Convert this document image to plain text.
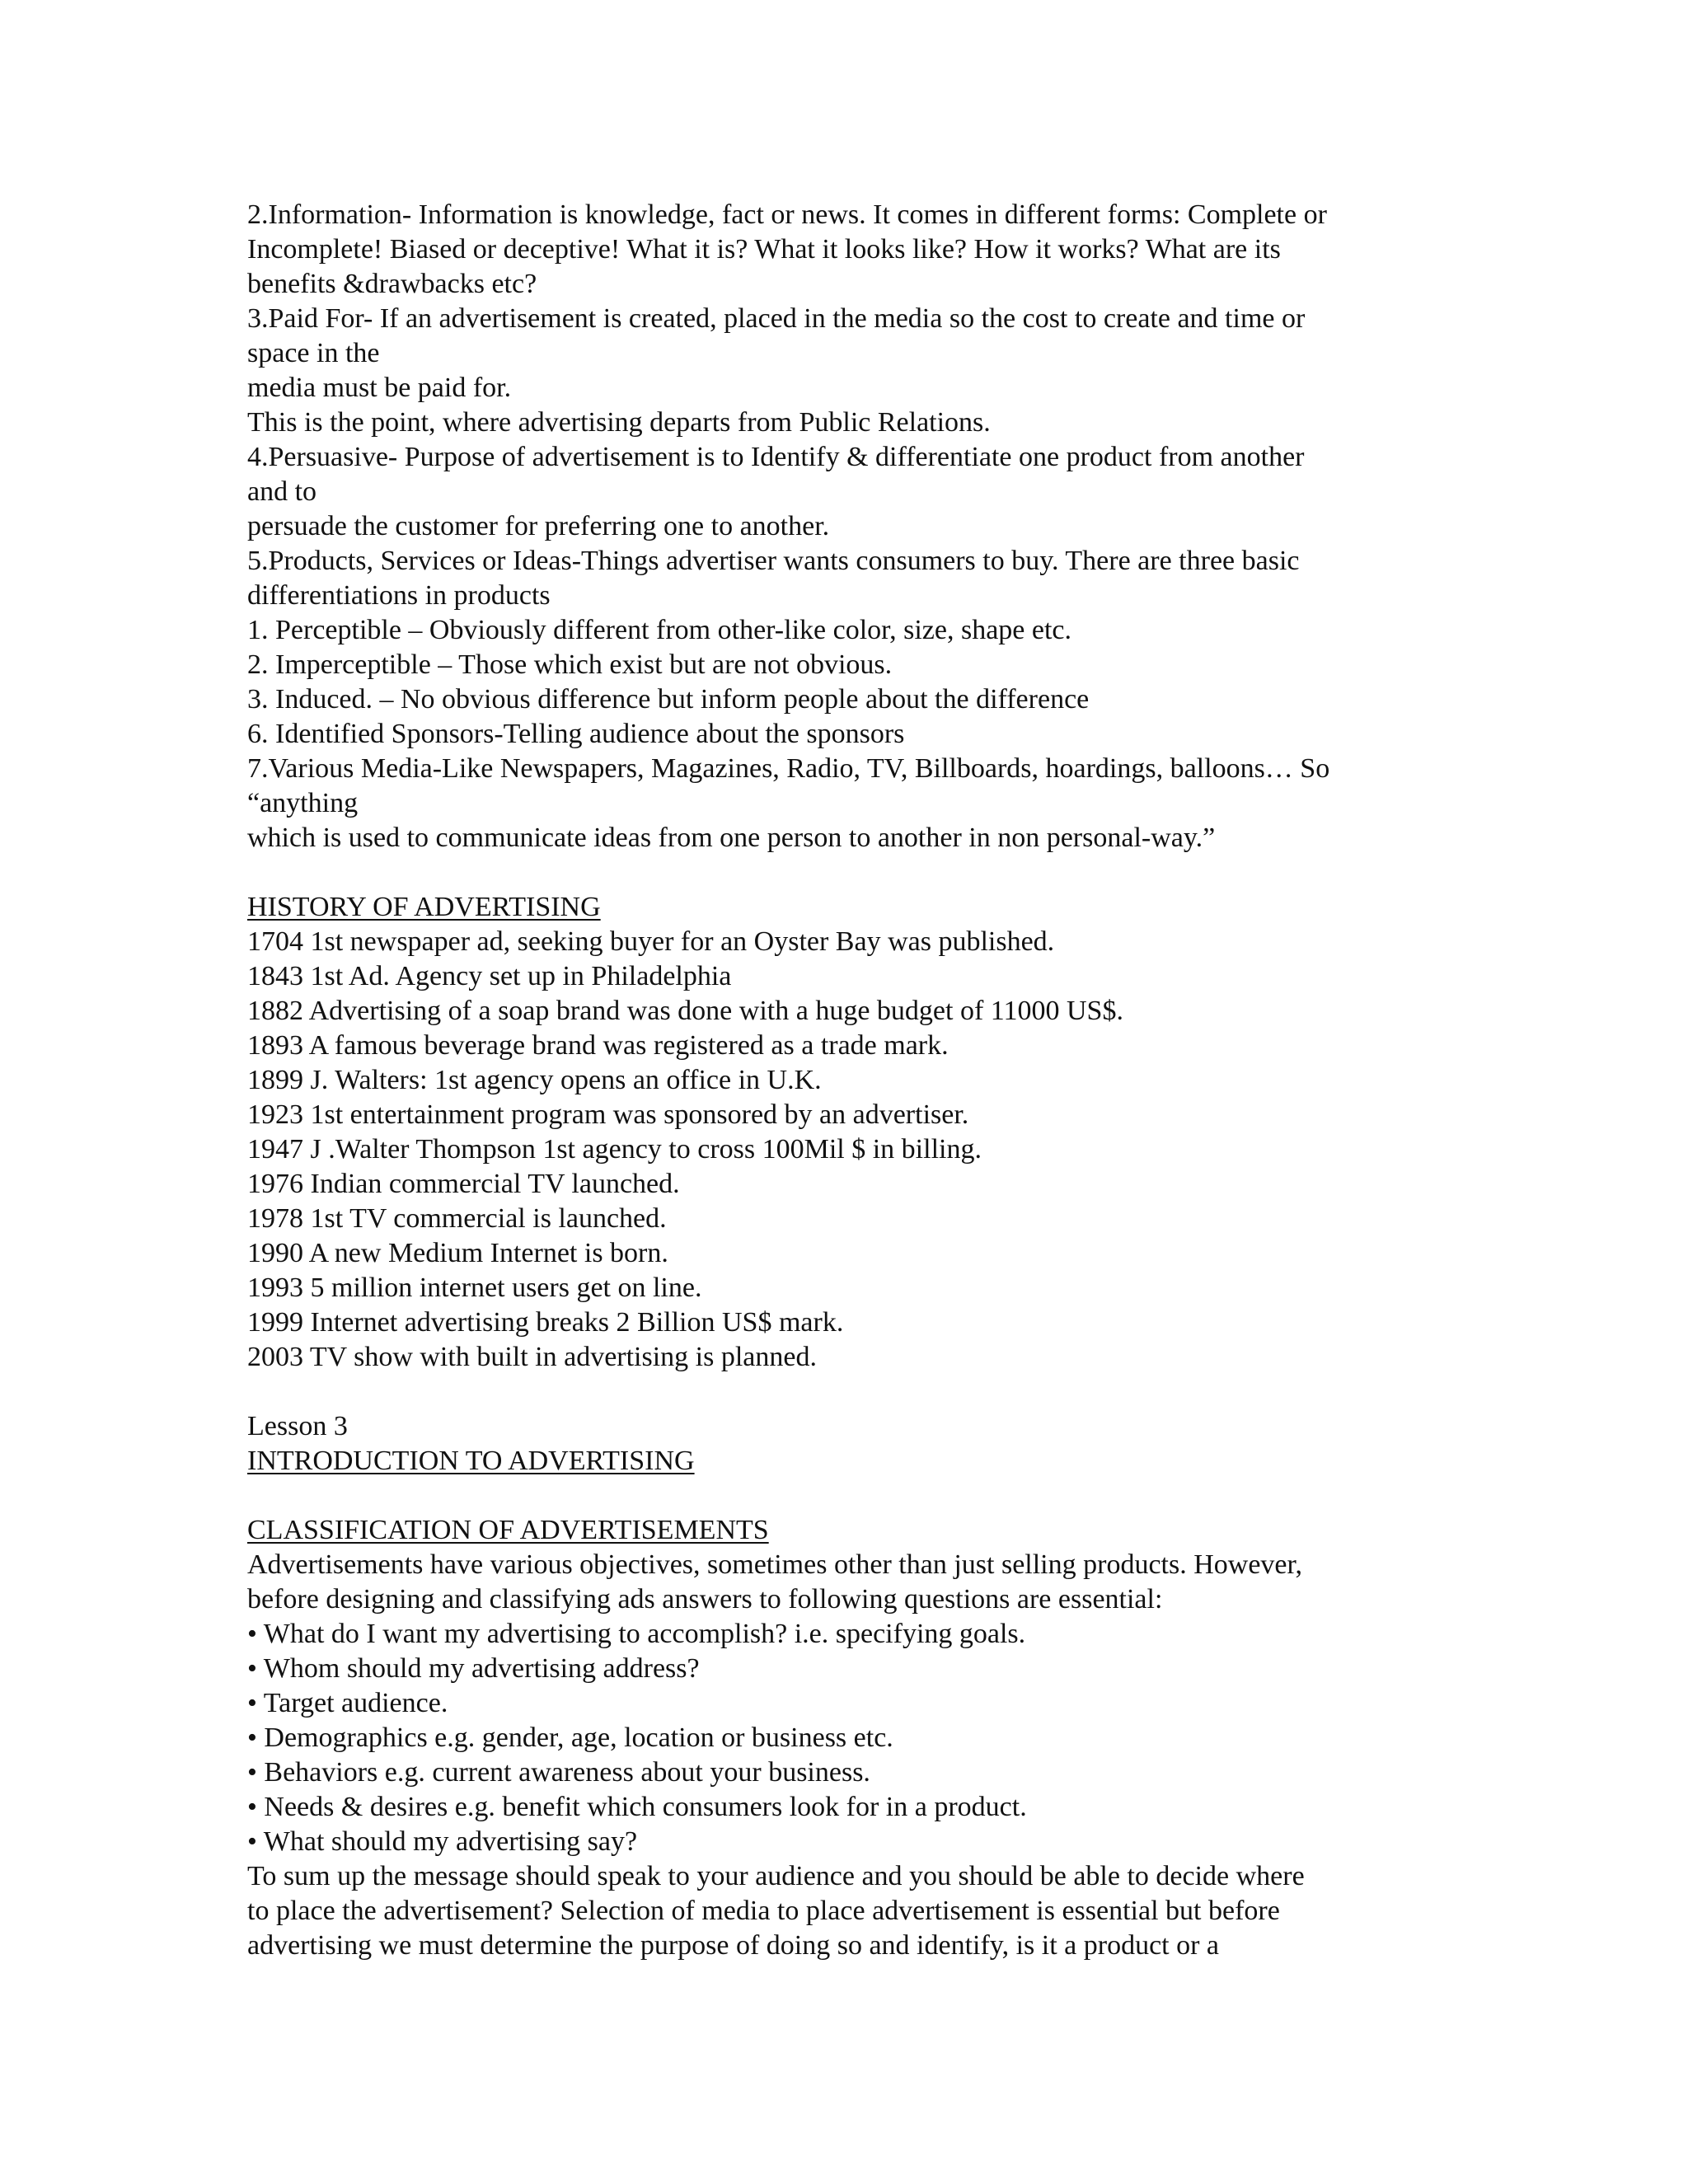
2.Information- Information is knowledge, fact or news. It comes in different forms: Complete or
Incomplete! Biased or deceptive! What it is? What it looks like? How it works? What are its
benefits &drawbacks etc?
3.Paid For- If an advertisement is created, placed in the media so the cost to create and time or
space in the
media must be paid for.
This is the point, where advertising departs from Public Relations.
4.Persuasive- Purpose of advertisement is to Identify & differentiate one product from another
and to
persuade the customer for preferring one to another.
5.Products, Services or Ideas-Things advertiser wants consumers to buy. There are three basic
differentiations in products
1. Perceptible – Obviously different from other-like color, size, shape etc.
2. Imperceptible – Those which exist but are not obvious.
3. Induced. – No obvious difference but inform people about the difference
6. Identified Sponsors-Telling audience about the sponsors
7.Various Media-Like Newspapers, Magazines, Radio, TV, Billboards, hoardings, balloons… So
“anything
which is used to communicate ideas from one person to another in non personal-way.”
HISTORY OF ADVERTISING
1704 1st newspaper ad, seeking buyer for an Oyster Bay was published.
1843 1st Ad. Agency set up in Philadelphia
1882 Advertising of a soap brand was done with a huge budget of 11000 US$.
1893 A famous beverage brand was registered as a trade mark.
1899 J. Walters: 1st agency opens an office in U.K.
1923 1st entertainment program was sponsored by an advertiser.
1947 J .Walter Thompson 1st agency to cross 100Mil $ in billing.
1976 Indian commercial TV launched.
1978 1st TV commercial is launched.
1990 A new Medium Internet is born.
1993 5 million internet users get on line.
1999 Internet advertising breaks 2 Billion US$ mark.
2003 TV show with built in advertising is planned.
Lesson 3
INTRODUCTION TO ADVERTISING
CLASSIFICATION OF ADVERTISEMENTS
Advertisements have various objectives, sometimes other than just selling products. However,
before designing and classifying ads answers to following questions are essential:
• What do I want my advertising to accomplish? i.e. specifying goals.
• Whom should my advertising address?
• Target audience.
• Demographics e.g. gender, age, location or business etc.
• Behaviors e.g. current awareness about your business.
• Needs & desires e.g. benefit which consumers look for in a product.
• What should my advertising say?
To sum up the message should speak to your audience and you should be able to decide where
to place the advertisement? Selection of media to place advertisement is essential but before
advertising we must determine the purpose of doing so and identify, is it a product or a
